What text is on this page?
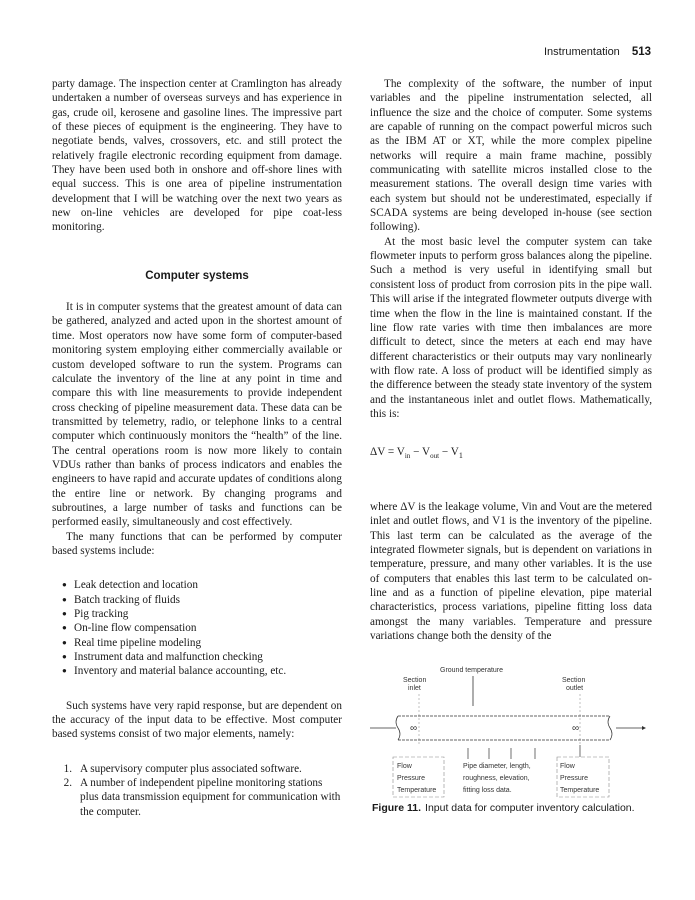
Instrumentation 513

party damage. The inspection center at Cramlington has already undertaken a number of overseas surveys and has experience in gas, crude oil, kerosene and gasoline lines. The impressive part of these pieces of equipment is the engineering. They have to negotiate bends, valves, crossovers, etc. and still protect the relatively fragile electronic recording equipment from damage. They have been used both in onshore and off-shore lines with equal success. This is one area of pipeline instrumentation development that I will be watching over the next two years as new on-line vehicles are developed for pipe coat-less monitoring.

Computer systems

It is in computer systems that the greatest amount of data can be gathered, analyzed and acted upon in the shortest amount of time. Most operators now have some form of computer-based monitoring system employing either commercially available or custom developed software to run the system. Programs can calculate the inventory of the line at any point in time and compare this with line measurements to provide independent cross checking of pipeline measurement data. These data can be transmitted by telemetry, radio, or telephone links to a central computer which continuously monitors the “health” of the line. The central operations room is now more likely to contain VDUs rather than banks of process indicators and enables the engineers to have rapid and accurate updates of conditions along the entire line or network. By changing programs and subroutines, a large number of tasks and functions can be performed easily, simultaneously and cost effectively.

The many functions that can be performed by computer based systems include:

● Leak detection and location
● Batch tracking of fluids
● Pig tracking
● On-line flow compensation
● Real time pipeline modeling
● Instrument data and malfunction checking
● Inventory and material balance accounting, etc.

Such systems have very rapid response, but are dependent on the accuracy of the input data to be effective. Most computer based systems consist of two major elements, namely:

1. A supervisory computer plus associated software.
2. A number of independent pipeline monitoring stations plus data transmission equipment for communication with the computer.

The complexity of the software, the number of input variables and the pipeline instrumentation selected, all influence the size and the choice of computer. Some systems are capable of running on the compact powerful micros such as the IBM AT or XT, while the more complex pipeline networks will require a main frame machine, possibly communicating with satellite micros installed close to the measurement stations. The overall design time varies with each system but should not be underestimated, especially if SCADA systems are being developed in-house (see section following).

At the most basic level the computer system can take flowmeter inputs to perform gross balances along the pipeline. Such a method is very useful in identifying small but consistent loss of product from corrosion pits in the pipe wall. This will arise if the integrated flowmeter outputs diverge with time when the flow in the line is maintained constant. If the line flow rate varies with time then imbalances are more difficult to detect, since the meters at each end may have different characteristics or their outputs may vary nonlinearly with flow rate. A loss of product will be identified simply as the difference between the steady state inventory of the system and the instantaneous inlet and outlet flows. Mathematically, this is:

$\Delta V = V_{in} - V_{out} - V_1$

where ΔV is the leakage volume, Vin and Vout are the metered inlet and outlet flows, and V1 is the inventory of the pipeline. This last term can be calculated as the average of the integrated flowmeter signals, but is dependent on variations in temperature, pressure, and many other variables. It is the use of computers that enables this last term to be calculated on-line and as a function of pipeline elevation, pipe material characteristics, process variations, pipeline fitting loss data amongst the many variables. Temperature and pressure variations change both the density of the

Ground temperature
Section
inlet
Section
outlet
∞	∞
Flow
Pressure
Temperature
Flow
Pressure
Temperature
Pipe diameter, length,
roughness, elevation,
fitting loss data.
Figure 11. Input data for computer inventory calculation.
